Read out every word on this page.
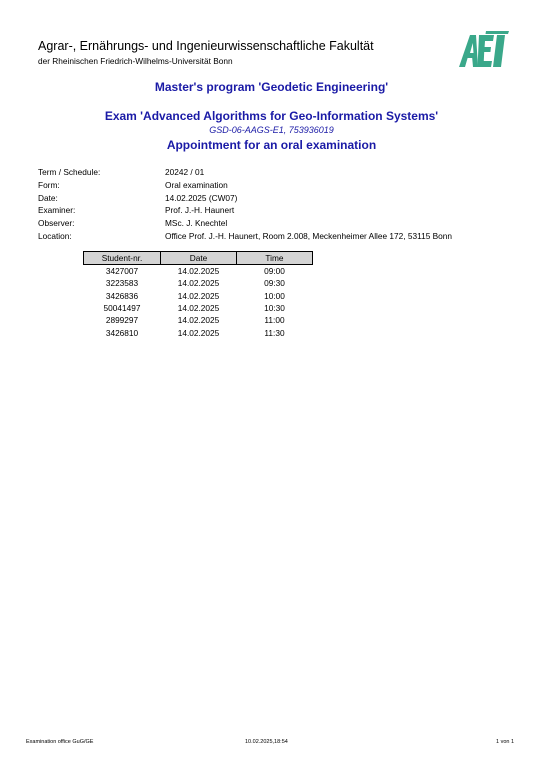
Agrar-, Ernährungs- und Ingenieurwissenschaftliche Fakultät
der Rheinischen Friedrich-Wilhelms-Universität Bonn
Master's program 'Geodetic Engineering'
Exam 'Advanced Algorithms for Geo-Information Systems'
GSD-06-AAGS-E1, 753936019
Appointment for an oral examination
Term / Schedule:	20242 / 01
Form:	Oral examination
Date:	14.02.2025 (CW07)
Examiner:	Prof. J.-H. Haunert
Observer:	MSc. J. Knechtel
Location:	Office Prof. J.-H. Haunert, Room 2.008, Meckenheimer Allee 172, 53115 Bonn
Student-nr.	Date	Time
3427007	14.02.2025	09:00
3223583	14.02.2025	09:30
3426836	14.02.2025	10:00
50041497	14.02.2025	10:30
2899297	14.02.2025	11:00
3426810	14.02.2025	11:30
Examination office GuG/GE	10.02.2025,18:54	1 von 1
